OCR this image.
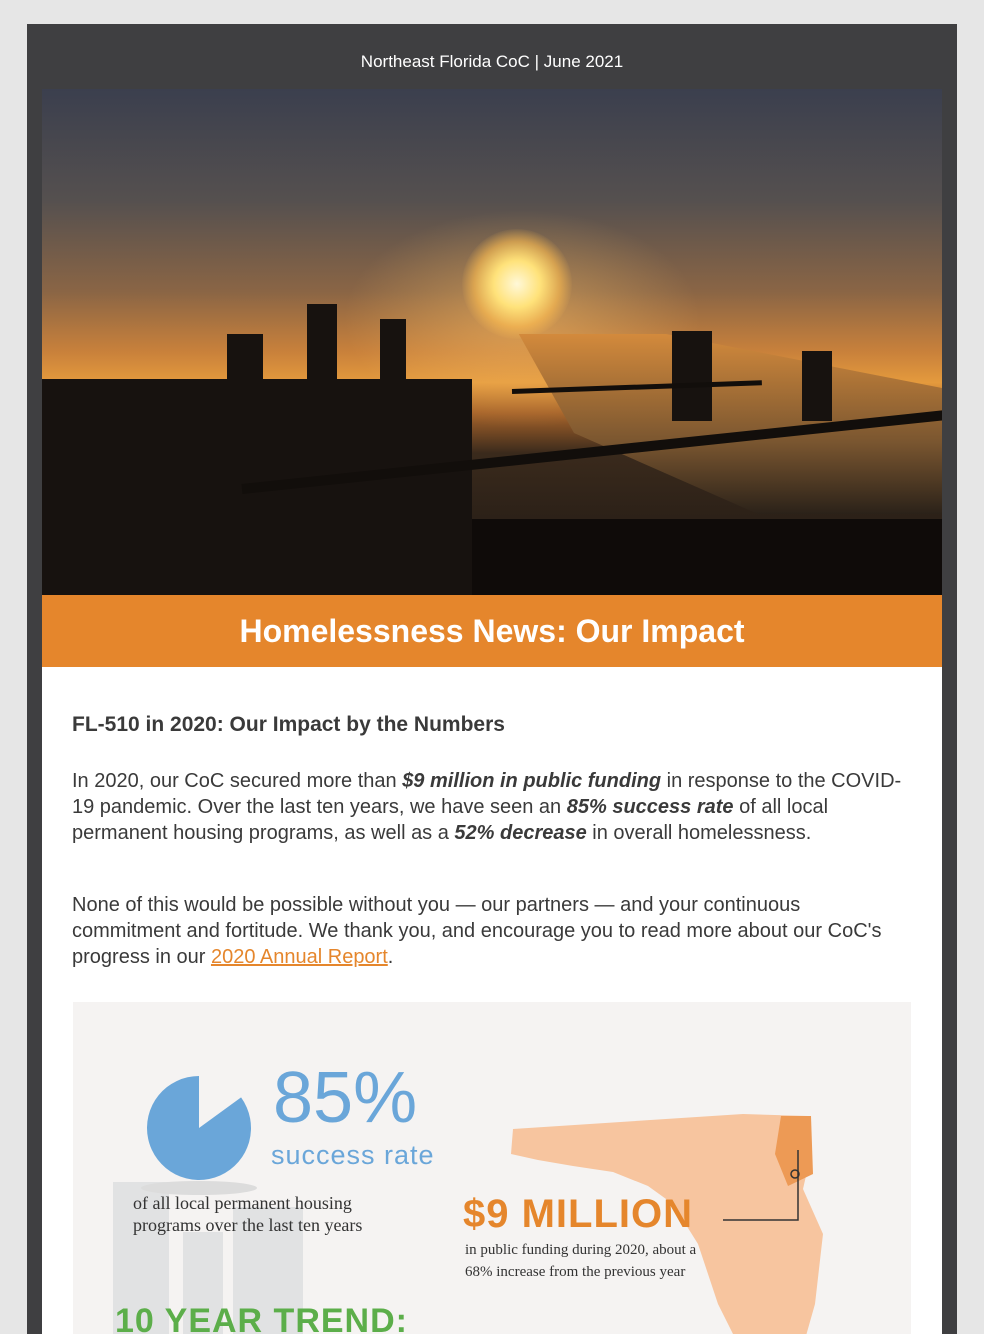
Northeast Florida CoC | June 2021
Homelessness News: Our Impact
FL-510 in 2020: Our Impact by the Numbers

In 2020, our CoC secured more than $9 million in public funding in response to the COVID-19 pandemic. Over the last ten years, we have seen an 85% success rate of all local permanent housing programs, as well as a 52% decrease in overall homelessness.

None of this would be possible without you — our partners — and your continuous commitment and fortitude. We thank you, and encourage you to read more about our CoC's progress in our 2020 Annual Report.

85%
success rate
of all local permanent housing programs over the last ten years
10 YEAR TREND:
$9 MILLION
in public funding during 2020, about a 68% increase from the previous year
